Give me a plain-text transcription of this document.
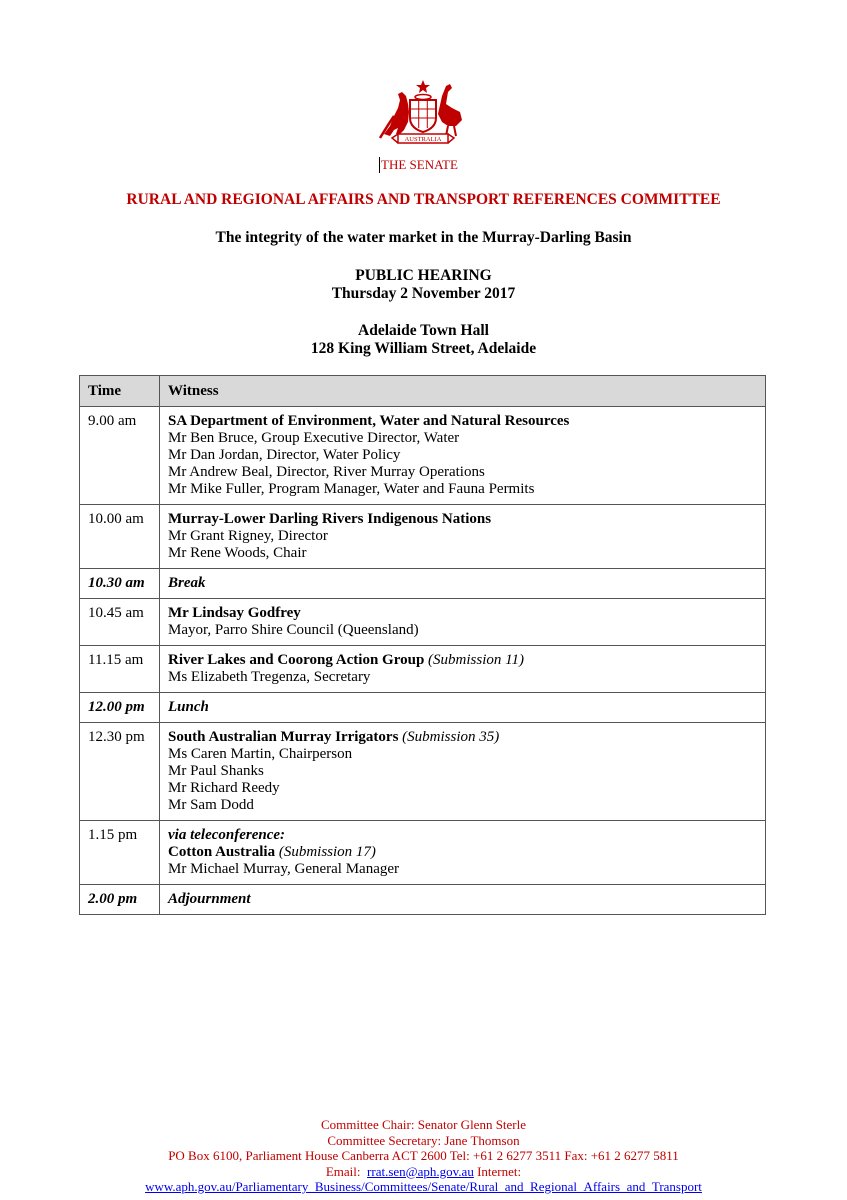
AUSTRALIA
THE SENATE
RURAL AND REGIONAL AFFAIRS AND TRANSPORT REFERENCES COMMITTEE
The integrity of the water market in the Murray-Darling Basin
PUBLIC HEARING
Thursday 2 November 2017
Adelaide Town Hall
128 King William Street, Adelaide
Time	Witness

9.00 am	SA Department of Environment, Water and Natural Resources
Mr Ben Bruce, Group Executive Director, Water
Mr Dan Jordan, Director, Water Policy
Mr Andrew Beal, Director, River Murray Operations
Mr Mike Fuller, Program Manager, Water and Fauna Permits

10.00 am	Murray-Lower Darling Rivers Indigenous Nations
Mr Grant Rigney, Director
Mr Rene Woods, Chair

10.30 am	Break

10.45 am	Mr Lindsay Godfrey
Mayor, Parro Shire Council (Queensland)

11.15 am	River Lakes and Coorong Action Group (Submission 11)
Ms Elizabeth Tregenza, Secretary

12.00 pm	Lunch

12.30 pm	South Australian Murray Irrigators (Submission 35)
Ms Caren Martin, Chairperson
Mr Paul Shanks
Mr Richard Reedy
Mr Sam Dodd

1.15 pm	via teleconference:
Cotton Australia (Submission 17)
Mr Michael Murray, General Manager

2.00 pm	Adjournment
Committee Chair: Senator Glenn Sterle
Committee Secretary: Jane Thomson
PO Box 6100, Parliament House Canberra ACT 2600 Tel: +61 2 6277 3511 Fax: +61 2 6277 5811
Email: rrat.sen@aph.gov.au Internet:
www.aph.gov.au/Parliamentary_Business/Committees/Senate/Rural_and_Regional_Affairs_and_Transport
